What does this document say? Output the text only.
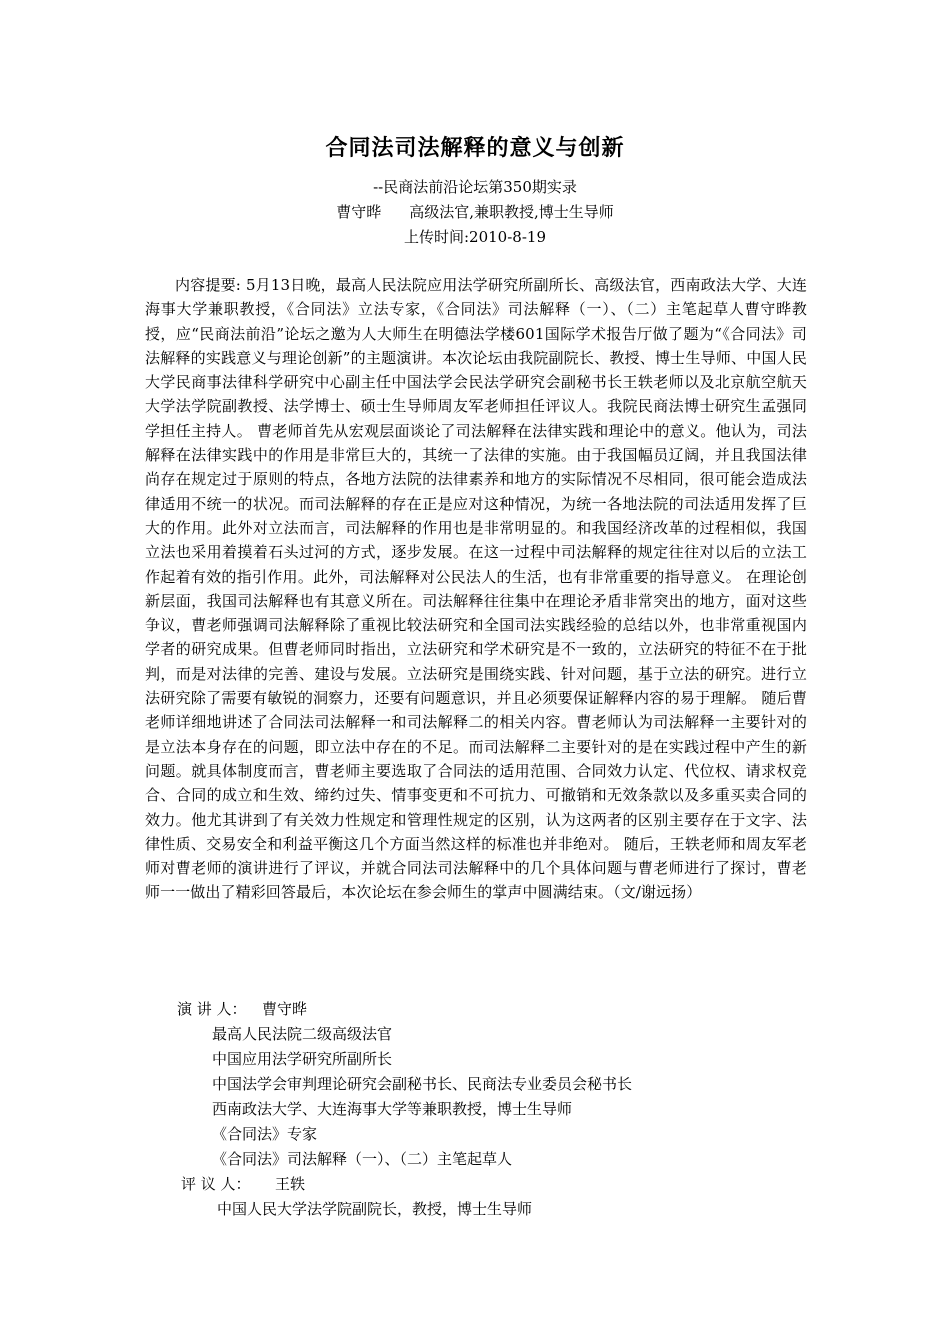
合同法司法解释的意义与创新
--民商法前沿论坛第350期实录
曹守晔 高级法官,兼职教授,博士生导师
上传时间:2010-8-19
内容提要: 5月13日晚，最高人民法院应用法学研究所副所长、高级法官，西南政法大学、大连海事大学兼职教授，《合同法》立法专家，《合同法》司法解释（一）、（二）主笔起草人曹守晔教授，应“民商法前沿”论坛之邀为人大师生在明德法学楼601国际学术报告厅做了题为“《合同法》司法解释的实践意义与理论创新”的主题演讲。本次论坛由我院副院长、教授、博士生导师、中国人民大学民商事法律科学研究中心副主任中国法学会民法学研究会副秘书长王轶老师以及北京航空航天大学法学院副教授、法学博士、硕士生导师周友军老师担任评议人。我院民商法博士研究生孟强同学担任主持人。 曹老师首先从宏观层面谈论了司法解释在法律实践和理论中的意义。他认为，司法解释在法律实践中的作用是非常巨大的，其统一了法律的实施。由于我国幅员辽阔，并且我国法律尚存在规定过于原则的特点，各地方法院的法律素养和地方的实际情况不尽相同，很可能会造成法律适用不统一的状况。而司法解释的存在正是应对这种情况，为统一各地法院的司法适用发挥了巨大的作用。此外对立法而言，司法解释的作用也是非常明显的。和我国经济改革的过程相似，我国立法也采用着摸着石头过河的方式，逐步发展。在这一过程中司法解释的规定往往对以后的立法工作起着有效的指引作用。此外，司法解释对公民法人的生活，也有非常重要的指导意义。 在理论创新层面，我国司法解释也有其意义所在。司法解释往往集中在理论矛盾非常突出的地方，面对这些争议，曹老师强调司法解释除了重视比较法研究和全国司法实践经验的总结以外，也非常重视国内学者的研究成果。但曹老师同时指出，立法研究和学术研究是不一致的，立法研究的特征不在于批判，而是对法律的完善、建设与发展。立法研究是围绕实践、针对问题，基于立法的研究。进行立法研究除了需要有敏锐的洞察力，还要有问题意识，并且必须要保证解释内容的易于理解。 随后曹老师详细地讲述了合同法司法解释一和司法解释二的相关内容。曹老师认为司法解释一主要针对的是立法本身存在的问题，即立法中存在的不足。而司法解释二主要针对的是在实践过程中产生的新问题。就具体制度而言，曹老师主要选取了合同法的适用范围、合同效力认定、代位权、请求权竞合、合同的成立和生效、缔约过失、情事变更和不可抗力、可撤销和无效条款以及多重买卖合同的效力。他尤其讲到了有关效力性规定和管理性规定的区别，认为这两者的区别主要存在于文字、法律性质、交易安全和利益平衡这几个方面当然这样的标准也并非绝对。 随后，王轶老师和周友军老师对曹老师的演讲进行了评议，并就合同法司法解释中的几个具体问题与曹老师进行了探讨，曹老师一一做出了精彩回答最后，本次论坛在参会师生的掌声中圆满结束。（文/谢远扬）
演 讲 人： 曹守晔
最高人民法院二级高级法官
中国应用法学研究所副所长
中国法学会审判理论研究会副秘书长、民商法专业委员会秘书长
西南政法大学、大连海事大学等兼职教授，博士生导师
《合同法》专家
《合同法》司法解释（一）、（二）主笔起草人
评 议 人： 王轶
中国人民大学法学院副院长，教授，博士生导师
